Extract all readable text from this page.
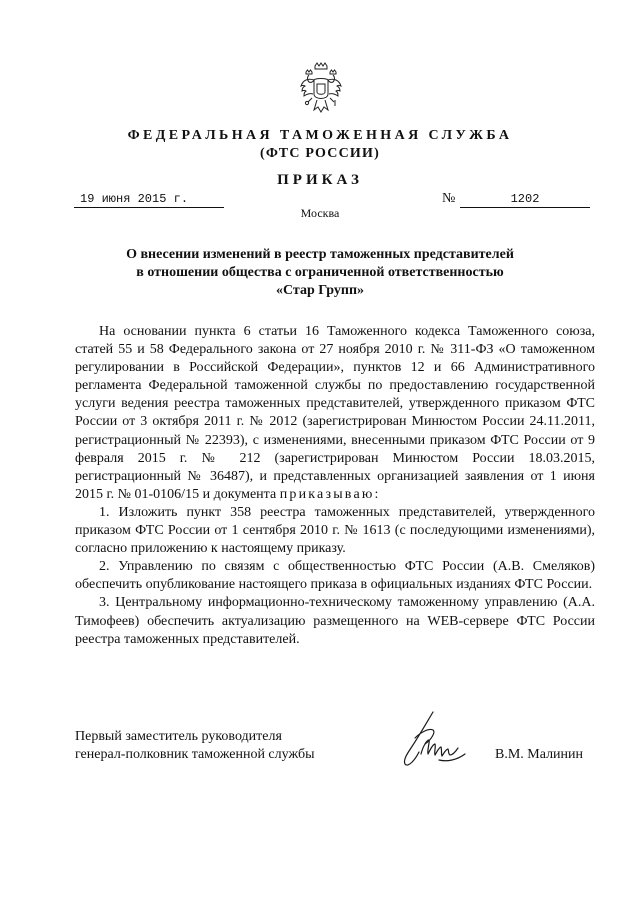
ФЕДЕРАЛЬНАЯ ТАМОЖЕННАЯ СЛУЖБА
(ФТС РОССИИ)
ПРИКАЗ
19 июня 2015 г.	№	1202
Москва
О внесении изменений в реестр таможенных представителей
в отношении общества с ограниченной ответственностью
«Стар Групп»

На основании пункта 6 статьи 16 Таможенного кодекса Таможенного союза, статей 55 и 58 Федерального закона от 27 ноября 2010 г. № 311-ФЗ «О таможенном регулировании в Российской Федерации», пунктов 12 и 66 Административного регламента Федеральной таможенной службы по предоставлению государственной услуги ведения реестра таможенных представителей, утвержденного приказом ФТС России от 3 октября 2011 г. № 2012 (зарегистрирован Минюстом России 24.11.2011, регистрационный № 22393), с изменениями, внесенными приказом ФТС России от 9 февраля 2015 г. № 212 (зарегистрирован Минюстом России 18.03.2015, регистрационный № 36487), и представленных организацией заявления от 1 июня 2015 г. № 01-0106/15 и документа приказываю:

1. Изложить пункт 358 реестра таможенных представителей, утвержденного приказом ФТС России от 1 сентября 2010 г. № 1613 (с последующими изменениями), согласно приложению к настоящему приказу.

2. Управлению по связям с общественностью ФТС России (А.В. Смеляков) обеспечить опубликование настоящего приказа в официальных изданиях ФТС России.

3. Центральному информационно-техническому таможенному управлению (А.А. Тимофеев) обеспечить актуализацию размещенного на WEB-сервере ФТС России реестра таможенных представителей.

Первый заместитель руководителя
генерал-полковник таможенной службы	В.М. Малинин
